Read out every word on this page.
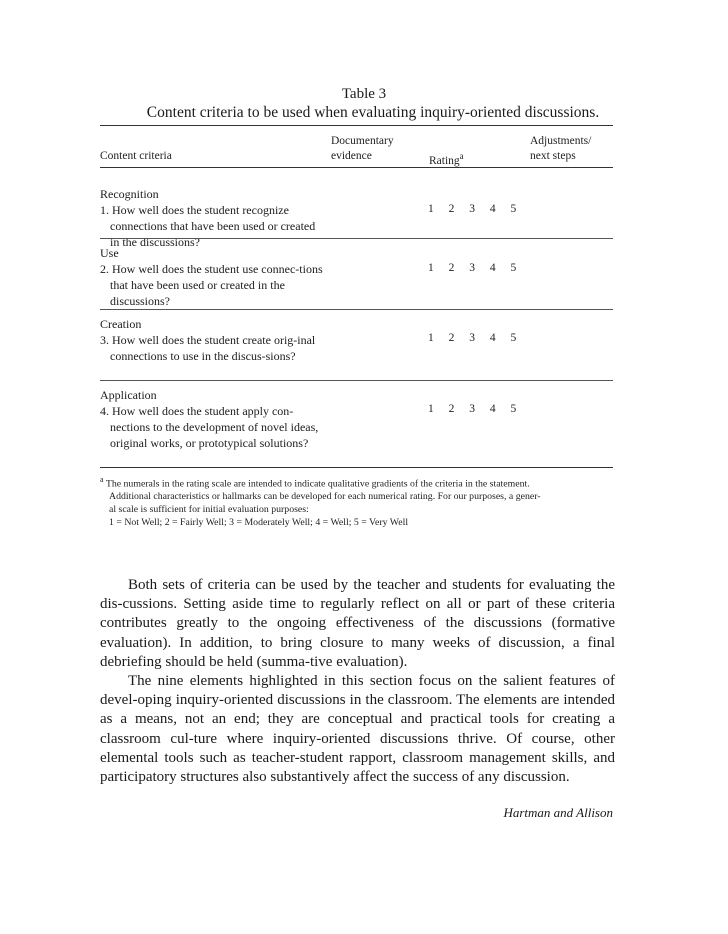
Table 3
Content criteria to be used when evaluating inquiry-oriented discussions.
Content criteria
Documentary
evidence	Rating$^a$
Adjustments/
next steps
Recognition
1. How well does the student recognize connections that have been used or created in the discussions?
1 2 3 4 5
Use
2. How well does the student use connec-tions that have been used or created in the discussions?
1 2 3 4 5
Creation
3. How well does the student create orig-inal connections to use in the discus-sions?
1 2 3 4 5
Application
4. How well does the student apply con-nections to the development of novel ideas, original works, or prototypical solutions?
1 2 3 4 5
$^a$ The numerals in the rating scale are intended to indicate qualitative gradients of the criteria in the statement.
Additional characteristics or hallmarks can be developed for each numerical rating. For our purposes, a gener-
al scale is sufficient for initial evaluation purposes:
1 = Not Well; 2 = Fairly Well; 3 = Moderately Well; 4 = Well; 5 = Very Well

Both sets of criteria can be used by the teacher and students for evaluating the dis-cussions. Setting aside time to regularly reflect on all or part of these criteria contributes greatly to the ongoing effectiveness of the discussions (formative evaluation). In addition, to bring closure to many weeks of discussion, a final debriefing should be held (summa-tive evaluation).

The nine elements highlighted in this section focus on the salient features of devel-oping inquiry-oriented discussions in the classroom. The elements are intended as a means, not an end; they are conceptual and practical tools for creating a classroom cul-ture where inquiry-oriented discussions thrive. Of course, other elemental tools such as teacher-student rapport, classroom management skills, and participatory structures also substantively affect the success of any discussion.

Hartman and Allison
